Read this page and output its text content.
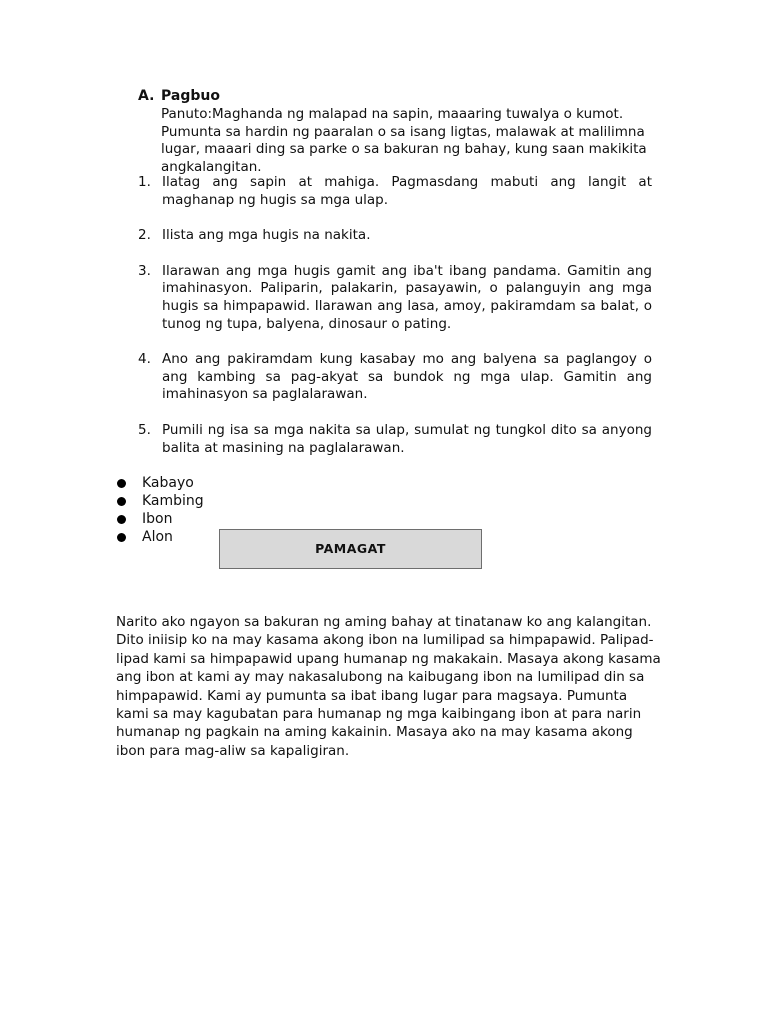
A. Pagbuo
Panuto:Maghanda ng malapad na sapin, maaaring tuwalya o kumot. Pumunta sa hardin ng paaralan o sa isang ligtas, malawak at malilimna lugar, maaari ding sa parke o sa bakuran ng bahay, kung saan makikita angkalangitan.
1. Ilatag ang sapin at mahiga. Pagmasdang mabuti ang langit at maghanap ng hugis sa mga ulap.
2. Ilista ang mga hugis na nakita.
3. Ilarawan ang mga hugis gamit ang iba't ibang pandama. Gamitin ang imahinasyon. Paliparin, palakarin, pasayawin, o palanguyin ang mga hugis sa himpapawid. Ilarawan ang lasa, amoy, pakiramdam sa balat, o tunog ng tupa, balyena, dinosaur o pating.
4. Ano ang pakiramdam kung kasabay mo ang balyena sa paglangoy o ang kambing sa pag-akyat sa bundok ng mga ulap. Gamitin ang imahinasyon sa paglalarawan.
5. Pumili ng isa sa mga nakita sa ulap, sumulat ng tungkol dito sa anyong balita at masining na paglalarawan.
Kabayo
Kambing
Ibon
Alon
PAMAGAT
Narito ako ngayon sa bakuran ng aming bahay at tinatanaw ko ang kalangitan. Dito iniisip ko na may kasama akong ibon na lumilipad sa himpapawid. Palipad-lipad kami sa himpapawid upang humanap ng makakain. Masaya akong kasama ang ibon at kami ay may nakasalubong na kaibugang ibon na lumilipad din sa himpapawid. Kami ay pumunta sa ibat ibang lugar para magsaya. Pumunta kami sa may kagubatan para humanap ng mga kaibingang ibon at para narin humanap ng pagkain na aming kakainin. Masaya ako na may kasama akong ibon para mag-aliw sa kapaligiran.
